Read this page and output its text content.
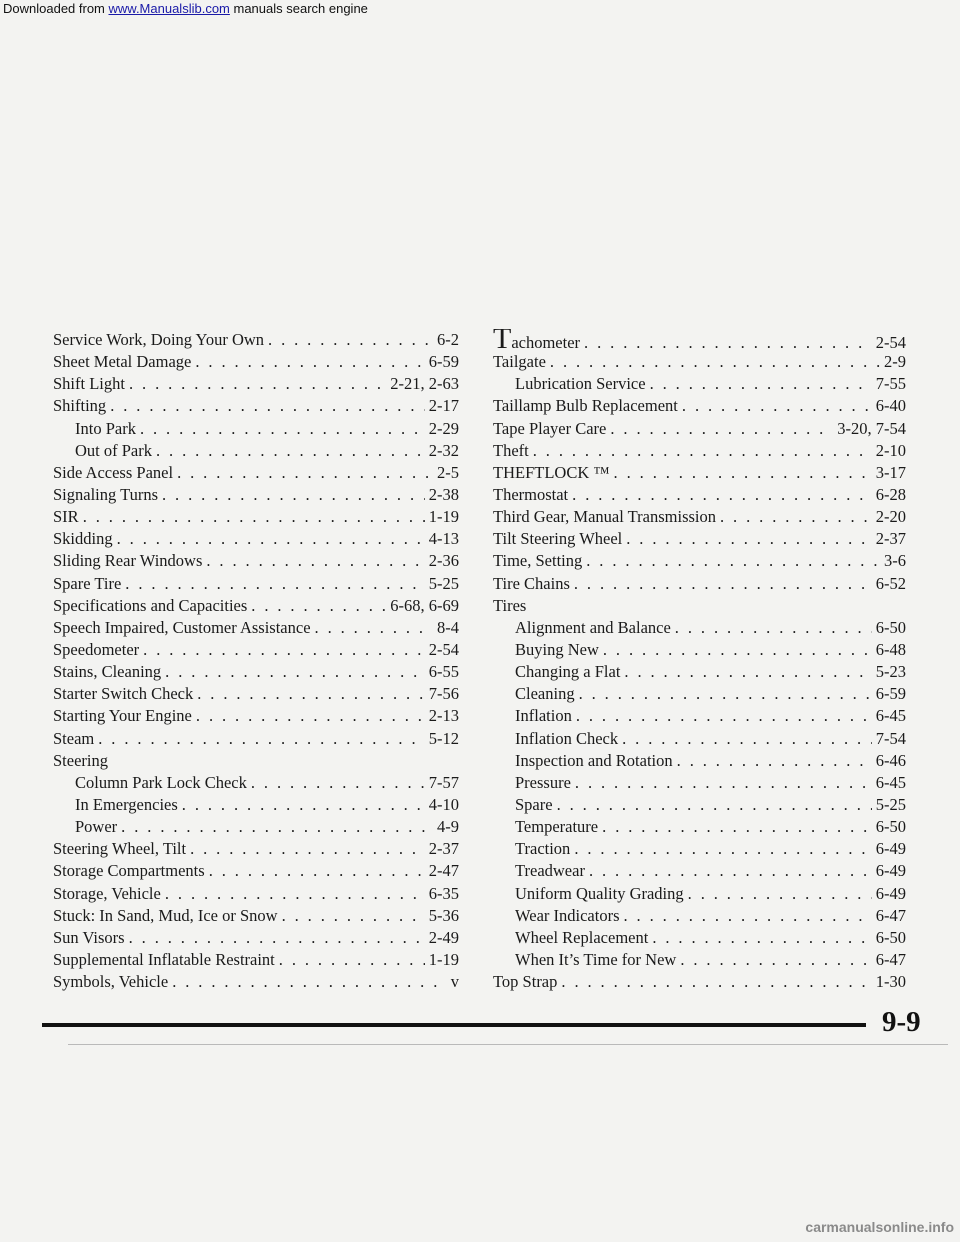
Downloaded from www.Manualslib.com manuals search engine
Service Work, Doing Your Own . . .	6-2
Sheet Metal Damage . . .	6-59
Shift Light . . .	2-21, 2-63
Shifting . . .	2-17
Into Park . . .	2-29
Out of Park . . .	2-32
Side Access Panel . . .	2-5
Signaling Turns . . .	2-38
SIR . . .	1-19
Skidding . . .	4-13
Sliding Rear Windows . . .	2-36
Spare Tire . . .	5-25
Specifications and Capacities . . .	6-68, 6-69
Speech Impaired, Customer Assistance . . .	8-4
Speedometer . . .	2-54
Stains, Cleaning . . .	6-55
Starter Switch Check . . .	7-56
Starting Your Engine . . .	2-13
Steam . . .	5-12
Steering
Column Park Lock Check . . .	7-57
In Emergencies . . .	4-10
Power . . .	4-9
Steering Wheel, Tilt . . .	2-37
Storage Compartments . . .	2-47
Storage, Vehicle . . .	6-35
Stuck: In Sand, Mud, Ice or Snow . . .	5-36
Sun Visors . . .	2-49
Supplemental Inflatable Restraint . . .	1-19
Symbols, Vehicle . . .	v
Tachometer . . .	2-54
Tailgate . . .	2-9
Lubrication Service . . .	7-55
Taillamp Bulb Replacement . . .	6-40
Tape Player Care . . .	3-20, 7-54
Theft . . .	2-10
THEFTLOCK ™ . . .	3-17
Thermostat . . .	6-28
Third Gear, Manual Transmission . . .	2-20
Tilt Steering Wheel . . .	2-37
Time, Setting . . .	3-6
Tire Chains . . .	6-52
Tires
Alignment and Balance . . .	6-50
Buying New . . .	6-48
Changing a Flat . . .	5-23
Cleaning . . .	6-59
Inflation . . .	6-45
Inflation Check . . .	7-54
Inspection and Rotation . . .	6-46
Pressure . . .	6-45
Spare . . .	5-25
Temperature . . .	6-50
Traction . . .	6-49
Treadwear . . .	6-49
Uniform Quality Grading . . .	6-49
Wear Indicators . . .	6-47
Wheel Replacement . . .	6-50
When It’s Time for New . . .	6-47
Top Strap . . .	1-30
9-9
carmanualsonline.info
